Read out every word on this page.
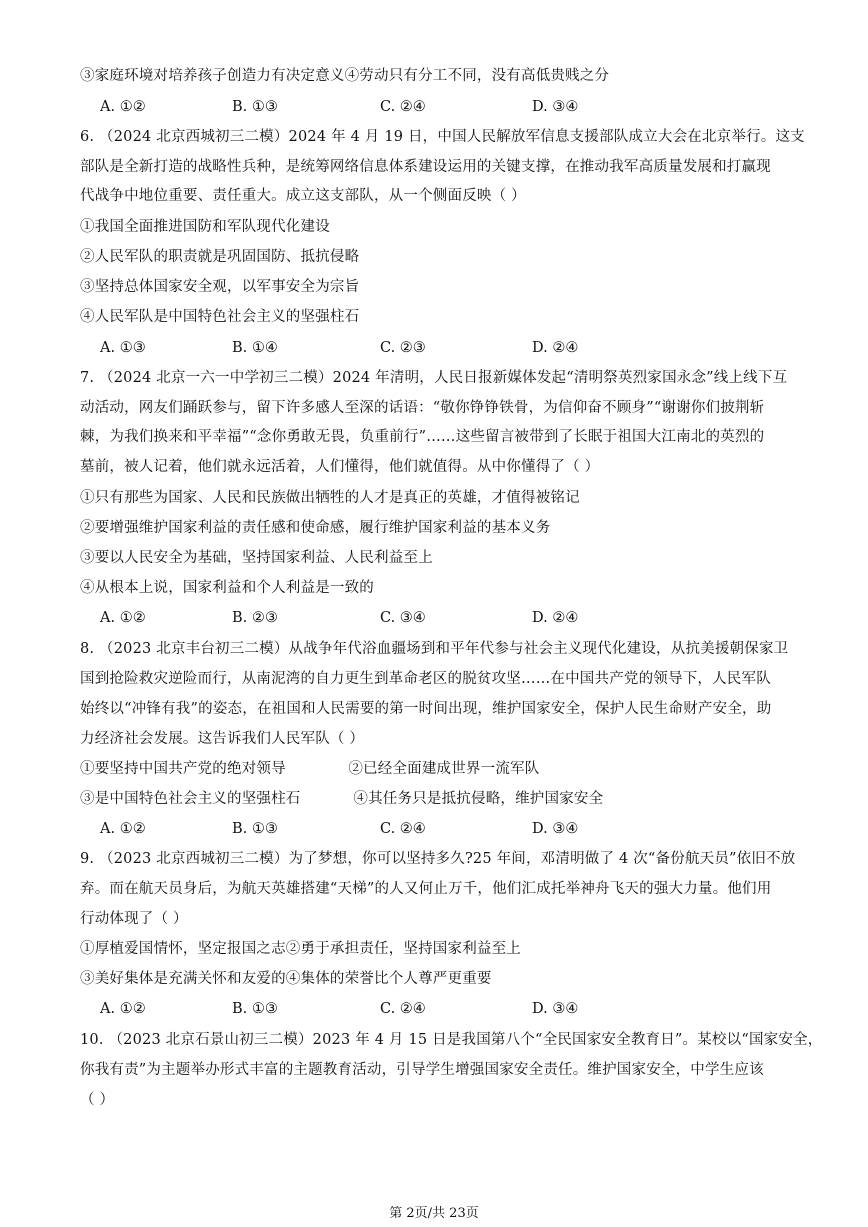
③家庭环境对培养孩子创造力有决定意义④劳动只有分工不同，没有高低贵贱之分
A. ①②	B. ①③	C. ②④	D. ③④
6. （2024 北京西城初三二模）2024 年 4 月 19 日，中国人民解放军信息支援部队成立大会在北京举行。这支
部队是全新打造的战略性兵种，是统筹网络信息体系建设运用的关键支撑，在推动我军高质量发展和打赢现
代战争中地位重要、责任重大。成立这支部队，从一个侧面反映（ ）
①我国全面推进国防和军队现代化建设
②人民军队的职责就是巩固国防、抵抗侵略
③坚持总体国家安全观，以军事安全为宗旨
④人民军队是中国特色社会主义的坚强柱石
A. ①③	B. ①④	C. ②③	D. ②④
7. （2024 北京一六一中学初三二模）2024 年清明，人民日报新媒体发起“清明祭英烈家国永念”线上线下互
动活动，网友们踊跃参与，留下许多感人至深的话语：“敬你铮铮铁骨，为信仰奋不顾身”“谢谢你们披荆斩
棘，为我们换来和平幸福”“念你勇敢无畏，负重前行”……这些留言被带到了长眠于祖国大江南北的英烈的
墓前，被人记着，他们就永远活着，人们懂得，他们就值得。从中你懂得了（ ）
①只有那些为国家、人民和民族做出牺牲的人才是真正的英雄，才值得被铭记
②要增强维护国家利益的责任感和使命感，履行维护国家利益的基本义务
③要以人民安全为基础，坚持国家利益、人民利益至上
④从根本上说，国家利益和个人利益是一致的
A. ①②	B. ②③	C. ③④	D. ②④
8. （2023 北京丰台初三二模）从战争年代浴血疆场到和平年代参与社会主义现代化建设，从抗美援朝保家卫
国到抢险救灾逆险而行，从南泥湾的自力更生到革命老区的脱贫攻坚……在中国共产党的领导下，人民军队
始终以“冲锋有我”的姿态，在祖国和人民需要的第一时间出现，维护国家安全，保护人民生命财产安全，助
力经济社会发展。这告诉我们人民军队（ ）
①要坚持中国共产党的绝对领导             ②已经全面建成世界一流军队
③是中国特色社会主义的坚强柱石           ④其任务只是抵抗侵略，维护国家安全
A. ①②	B. ①③	C. ②④	D. ③④
9. （2023 北京西城初三二模）为了梦想，你可以坚持多久?25 年间，邓清明做了 4 次“备份航天员”依旧不放
弃。而在航天员身后，为航天英雄搭建“天梯”的人又何止万千，他们汇成托举神舟飞天的强大力量。他们用
行动体现了（ ）
①厚植爱国情怀，坚定报国之志②勇于承担责任，坚持国家利益至上
③美好集体是充满关怀和友爱的④集体的荣誉比个人尊严更重要
A. ①②	B. ①③	C. ②④	D. ③④
10. （2023 北京石景山初三二模）2023 年 4 月 15 日是我国第八个“全民国家安全教育日”。某校以“国家安全，
你我有责”为主题举办形式丰富的主题教育活动，引导学生增强国家安全责任。维护国家安全，中学生应该
（ ）
第 2页/共 23页
